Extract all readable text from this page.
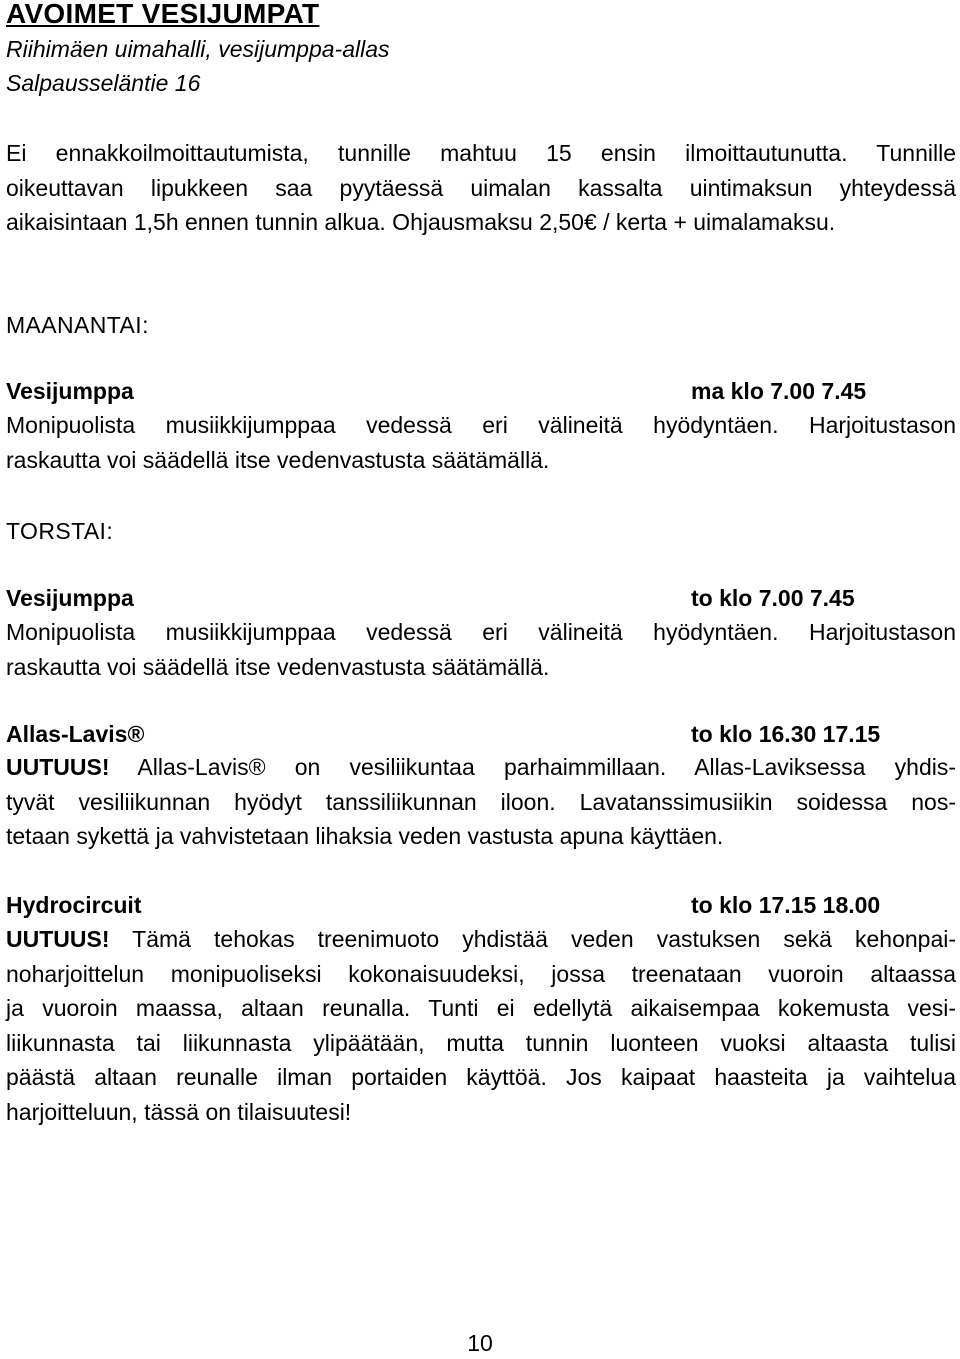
AVOIMET VESIJUMPAT
Riihimäen uimahalli, vesijumppa-allas
Salpausseläntie 16
Ei ennakkoilmoittautumista, tunnille mahtuu 15 ensin ilmoittautunutta. Tunnille
oikeuttavan lipukkeen saa pyytäessä uimalan kassalta uintimaksun yhteydessä
aikaisintaan 1,5h ennen tunnin alkua. Ohjausmaksu 2,50€ / kerta + uimalamaksu.
MAANANTAI:
Vesijumppa	ma klo 7.00 7.45
Monipuolista musiikkijumppaa vedessä eri välineitä hyödyntäen. Harjoitustason
raskautta voi säädellä itse vedenvastusta säätämällä.
TORSTAI:
Vesijumppa	to klo 7.00 7.45
Monipuolista musiikkijumppaa vedessä eri välineitä hyödyntäen. Harjoitustason
raskautta voi säädellä itse vedenvastusta säätämällä.
Allas-Lavis®	to klo 16.30 17.15
UUTUUS! Allas-Lavis® on vesiliikuntaa parhaimmillaan. Allas-Laviksessa yhdis-
tyvät vesiliikunnan hyödyt tanssiliikunnan iloon. Lavatanssimusiikin soidessa nos-
tetaan sykettä ja vahvistetaan lihaksia veden vastusta apuna käyttäen.
Hydrocircuit	to klo 17.15 18.00
UUTUUS! Tämä tehokas treenimuoto yhdistää veden vastuksen sekä kehonpai-
noharjoittelun monipuoliseksi kokonaisuudeksi, jossa treenataan vuoroin altaassa
ja vuoroin maassa, altaan reunalla. Tunti ei edellytä aikaisempaa kokemusta vesi-
liikunnasta tai liikunnasta ylipäätään, mutta tunnin luonteen vuoksi altaasta tulisi
päästä altaan reunalle ilman portaiden käyttöä. Jos kaipaat haasteita ja vaihtelua
harjoitteluun, tässä on tilaisuutesi!
10
